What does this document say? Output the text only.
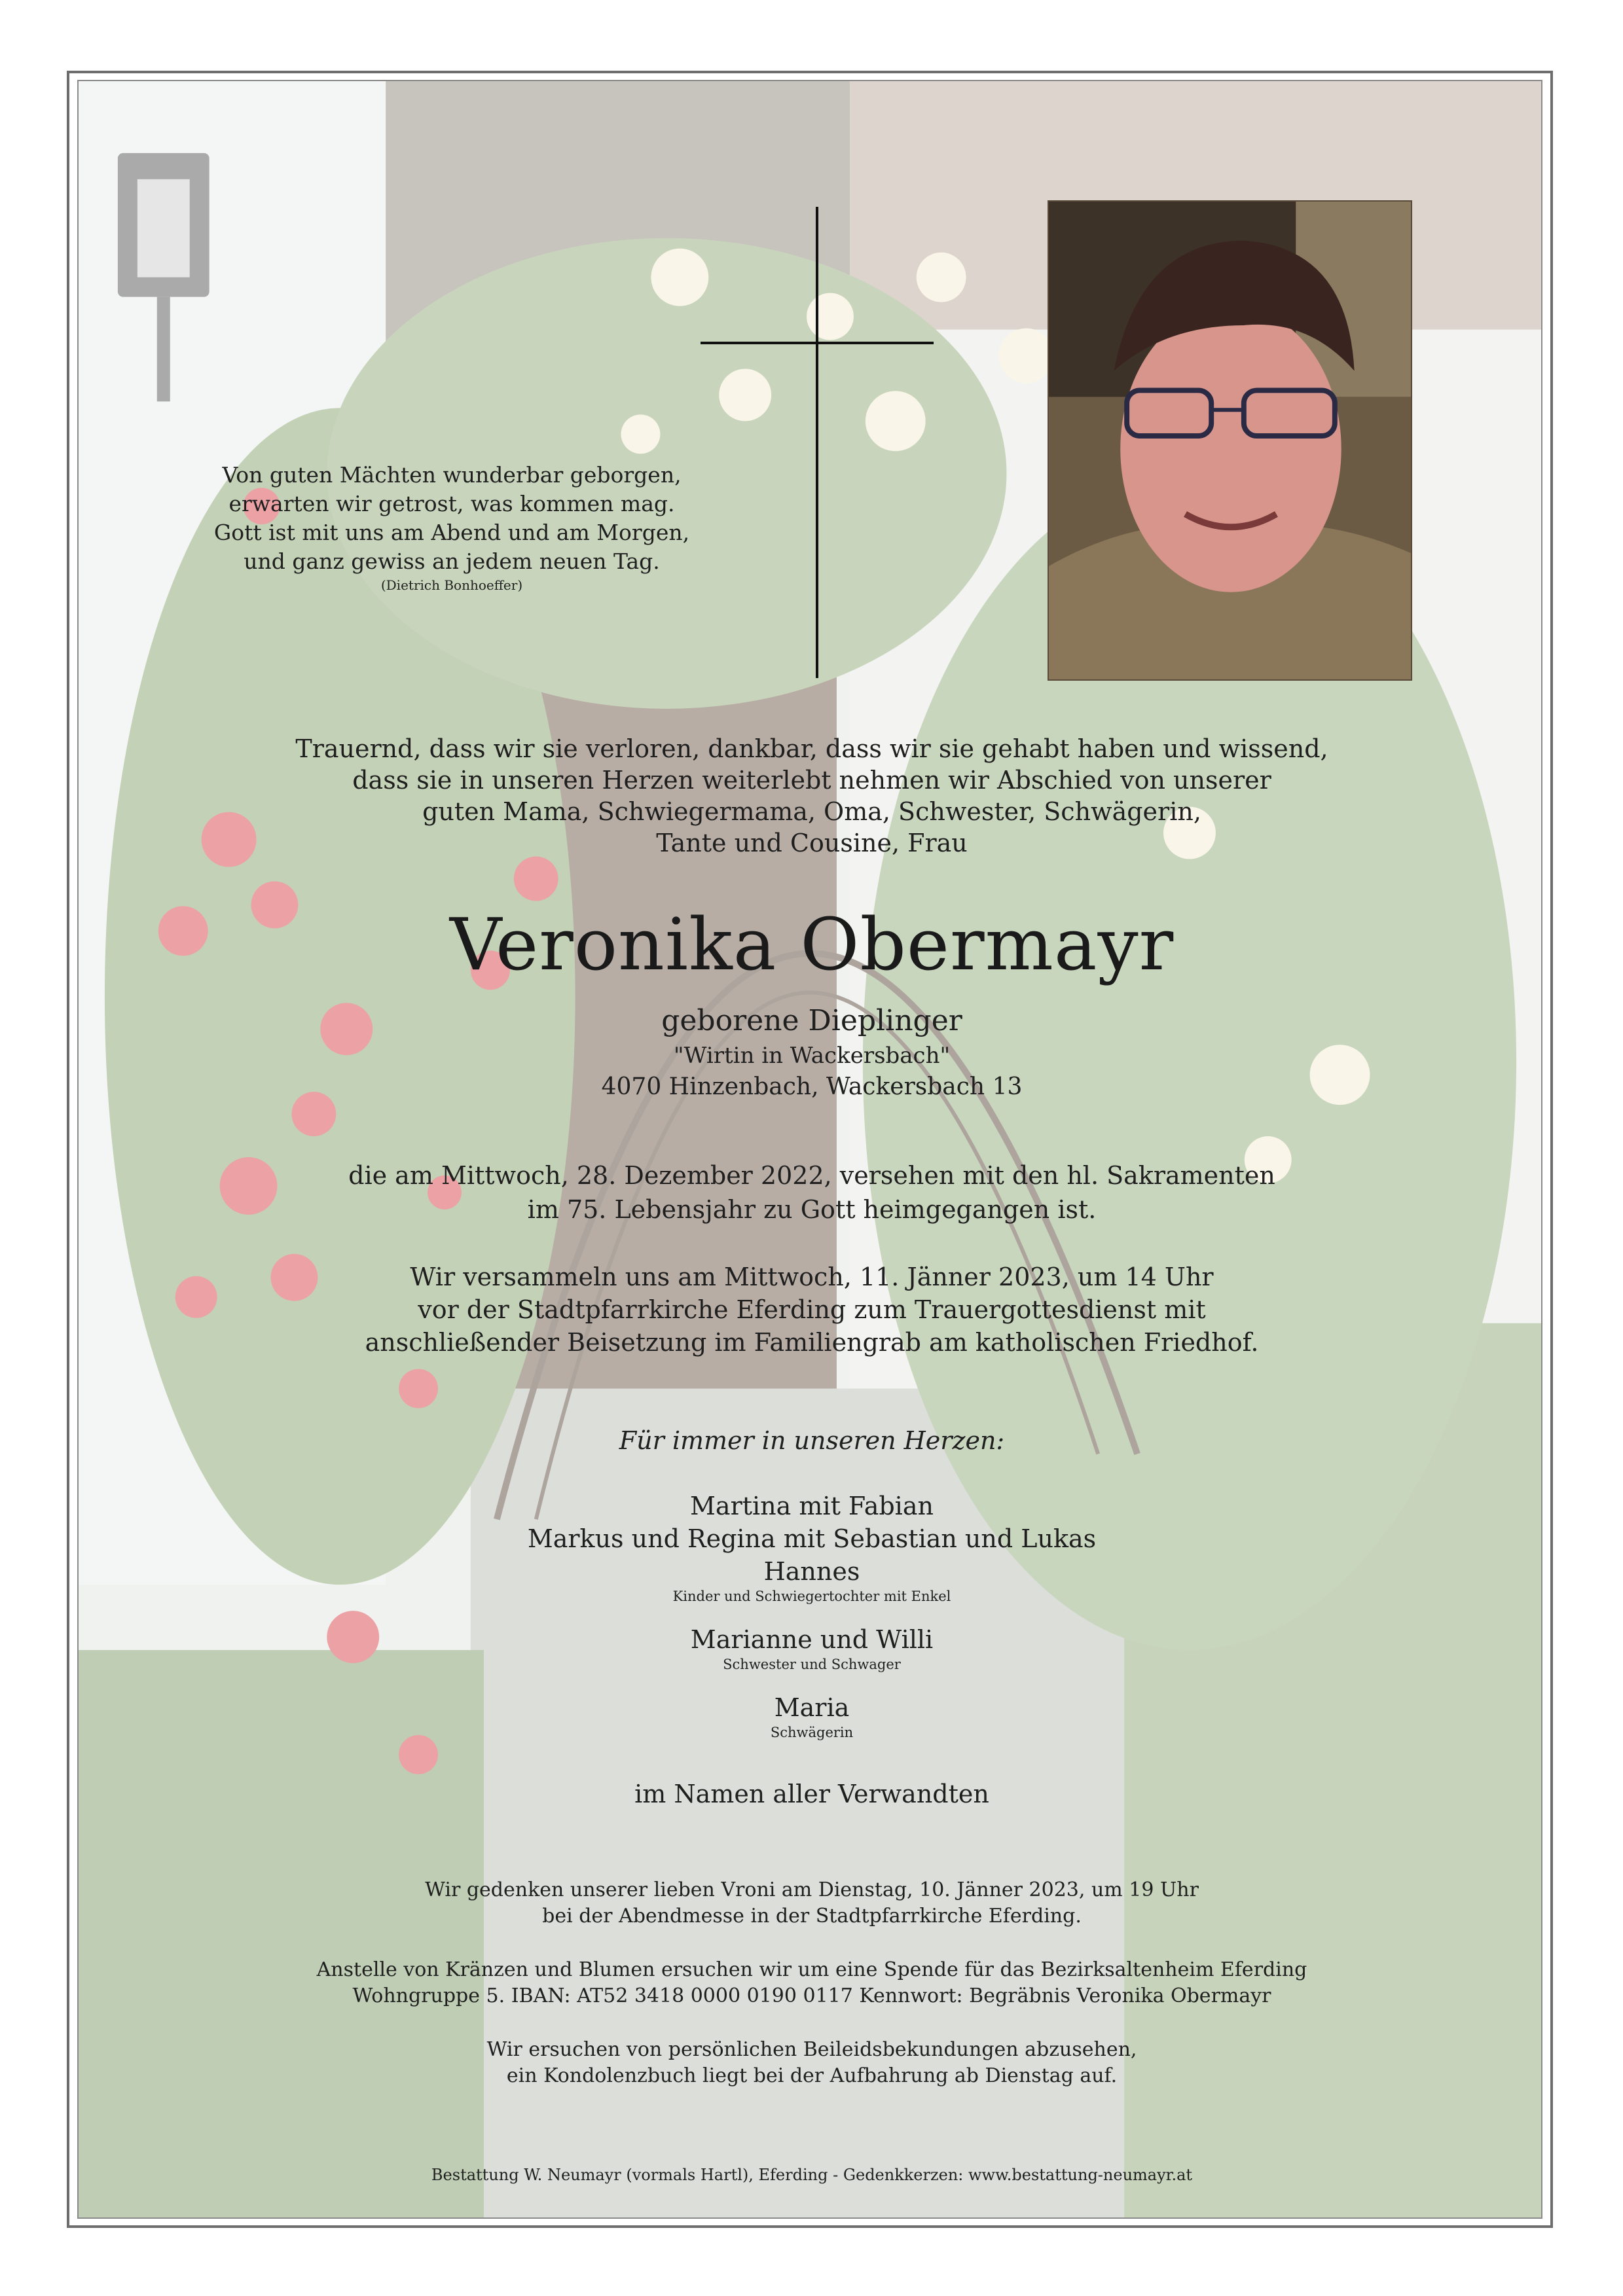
Von guten Mächten wunderbar geborgen,
erwarten wir getrost, was kommen mag.
Gott ist mit uns am Abend und am Morgen,
und ganz gewiss an jedem neuen Tag.
(Dietrich Bonhoeffer)

Trauernd, dass wir sie verloren, dankbar, dass wir sie gehabt haben und wissend,
dass sie in unseren Herzen weiterlebt nehmen wir Abschied von unserer
guten Mama, Schwiegermama, Oma, Schwester, Schwägerin,
Tante und Cousine, Frau

Veronika Obermayr

geborene Dieplinger

"Wirtin in Wackersbach"

4070 Hinzenbach, Wackersbach 13

die am Mittwoch, 28. Dezember 2022, versehen mit den hl. Sakramenten
im 75. Lebensjahr zu Gott heimgegangen ist.

Wir versammeln uns am Mittwoch, 11. Jänner 2023, um 14 Uhr
vor der Stadtpfarrkirche Eferding zum Trauergottesdienst mit
anschließender Beisetzung im Familiengrab am katholischen Friedhof.

Für immer in unseren Herzen:

Martina mit Fabian
Markus und Regina mit Sebastian und Lukas
Hannes
Kinder und Schwiegertochter mit Enkel
Marianne und Willi
Schwester und Schwager
Maria
Schwägerin

im Namen aller Verwandten

Wir gedenken unserer lieben Vroni am Dienstag, 10. Jänner 2023, um 19 Uhr
bei der Abendmesse in der Stadtpfarrkirche Eferding.

Anstelle von Kränzen und Blumen ersuchen wir um eine Spende für das Bezirksaltenheim Eferding
Wohngruppe 5. IBAN: AT52 3418 0000 0190 0117 Kennwort: Begräbnis Veronika Obermayr

Wir ersuchen von persönlichen Beileidsbekundungen abzusehen,
ein Kondolenzbuch liegt bei der Aufbahrung ab Dienstag auf.

Bestattung W. Neumayr (vormals Hartl), Eferding - Gedenkkerzen: www.bestattung-neumayr.at
